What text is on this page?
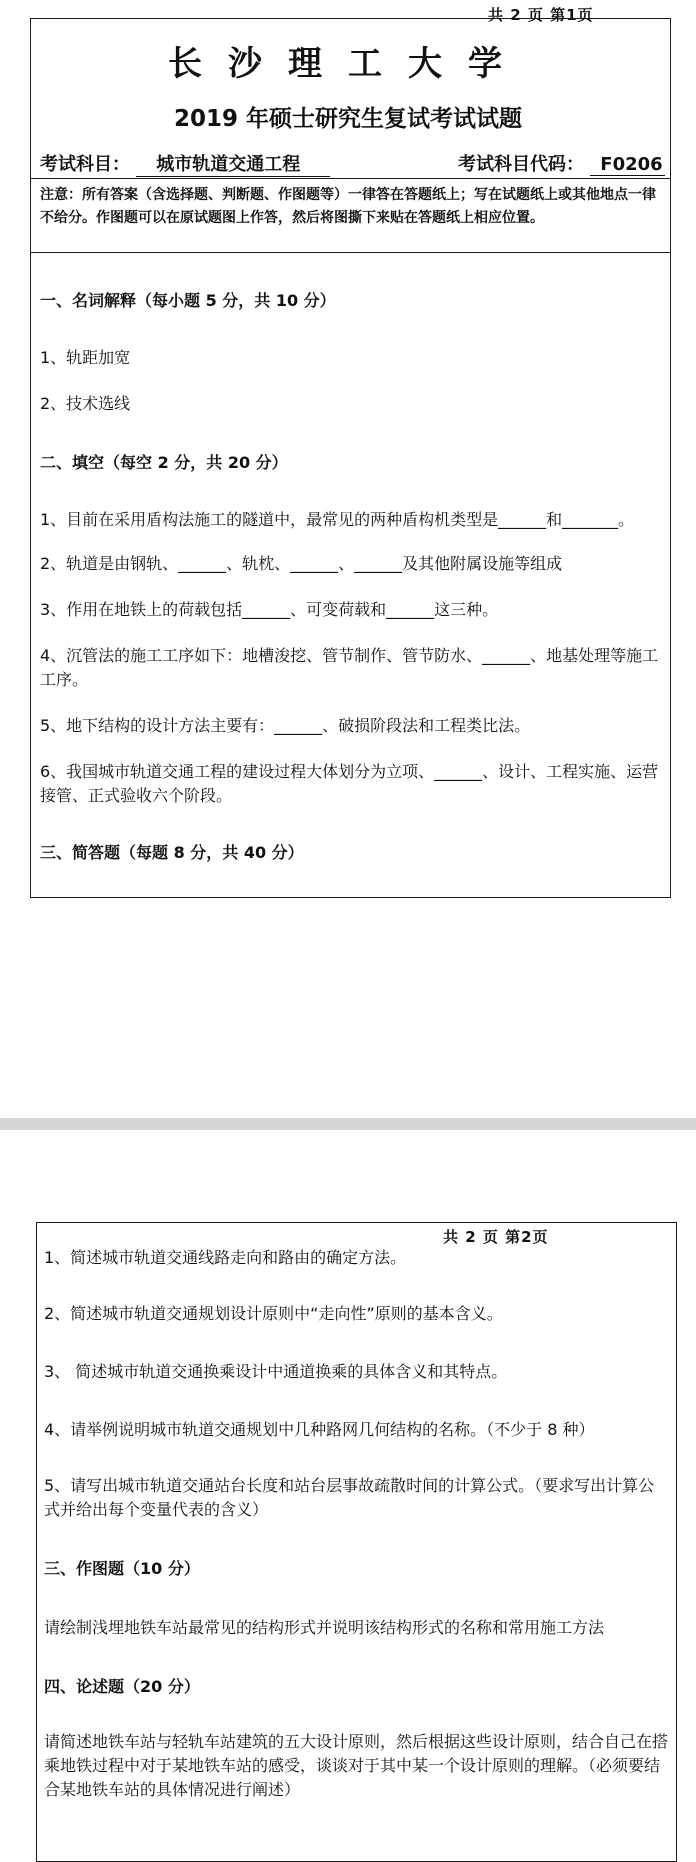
共 2 页 第1页
长沙理工大学
2019 年硕士研究生复试考试试题
考试科目： 城市轨道交通工程	考试科目代码： F0206
注意：所有答案（含选择题、判断题、作图题等）一律答在答题纸上；写在试题纸上或其他地点一律不给分。作图题可以在原试题图上作答，然后将图撕下来贴在答题纸上相应位置。
一、名词解释（每小题 5 分，共 10 分）
1、轨距加宽
2、技术选线
二、填空（每空 2 分，共 20 分）
1、目前在采用盾构法施工的隧道中，最常见的两种盾构机类型是______和_______。
2、轨道是由钢轨、______、轨枕、______、______及其他附属设施等组成
3、作用在地铁上的荷载包括______、可变荷载和______这三种。
4、沉管法的施工工序如下：地槽浚挖、管节制作、管节防水、______、地基处理等施工工序。
5、地下结构的设计方法主要有：______、破损阶段法和工程类比法。
6、我国城市轨道交通工程的建设过程大体划分为立项、______、设计、工程实施、运营接管、正式验收六个阶段。
三、简答题（每题 8 分，共 40 分）
共 2 页 第2页
1、简述城市轨道交通线路走向和路由的确定方法。
2、简述城市轨道交通规划设计原则中“走向性”原则的基本含义。
3、 简述城市轨道交通换乘设计中通道换乘的具体含义和其特点。
4、请举例说明城市轨道交通规划中几种路网几何结构的名称。（不少于 8 种）
5、请写出城市轨道交通站台长度和站台层事故疏散时间的计算公式。（要求写出计算公式并给出每个变量代表的含义）
三、作图题（10 分）
请绘制浅埋地铁车站最常见的结构形式并说明该结构形式的名称和常用施工方法
四、论述题（20 分）
请简述地铁车站与轻轨车站建筑的五大设计原则，然后根据这些设计原则，结合自己在搭乘地铁过程中对于某地铁车站的感受，谈谈对于其中某一个设计原则的理解。（必须要结合某地铁车站的具体情况进行阐述）
